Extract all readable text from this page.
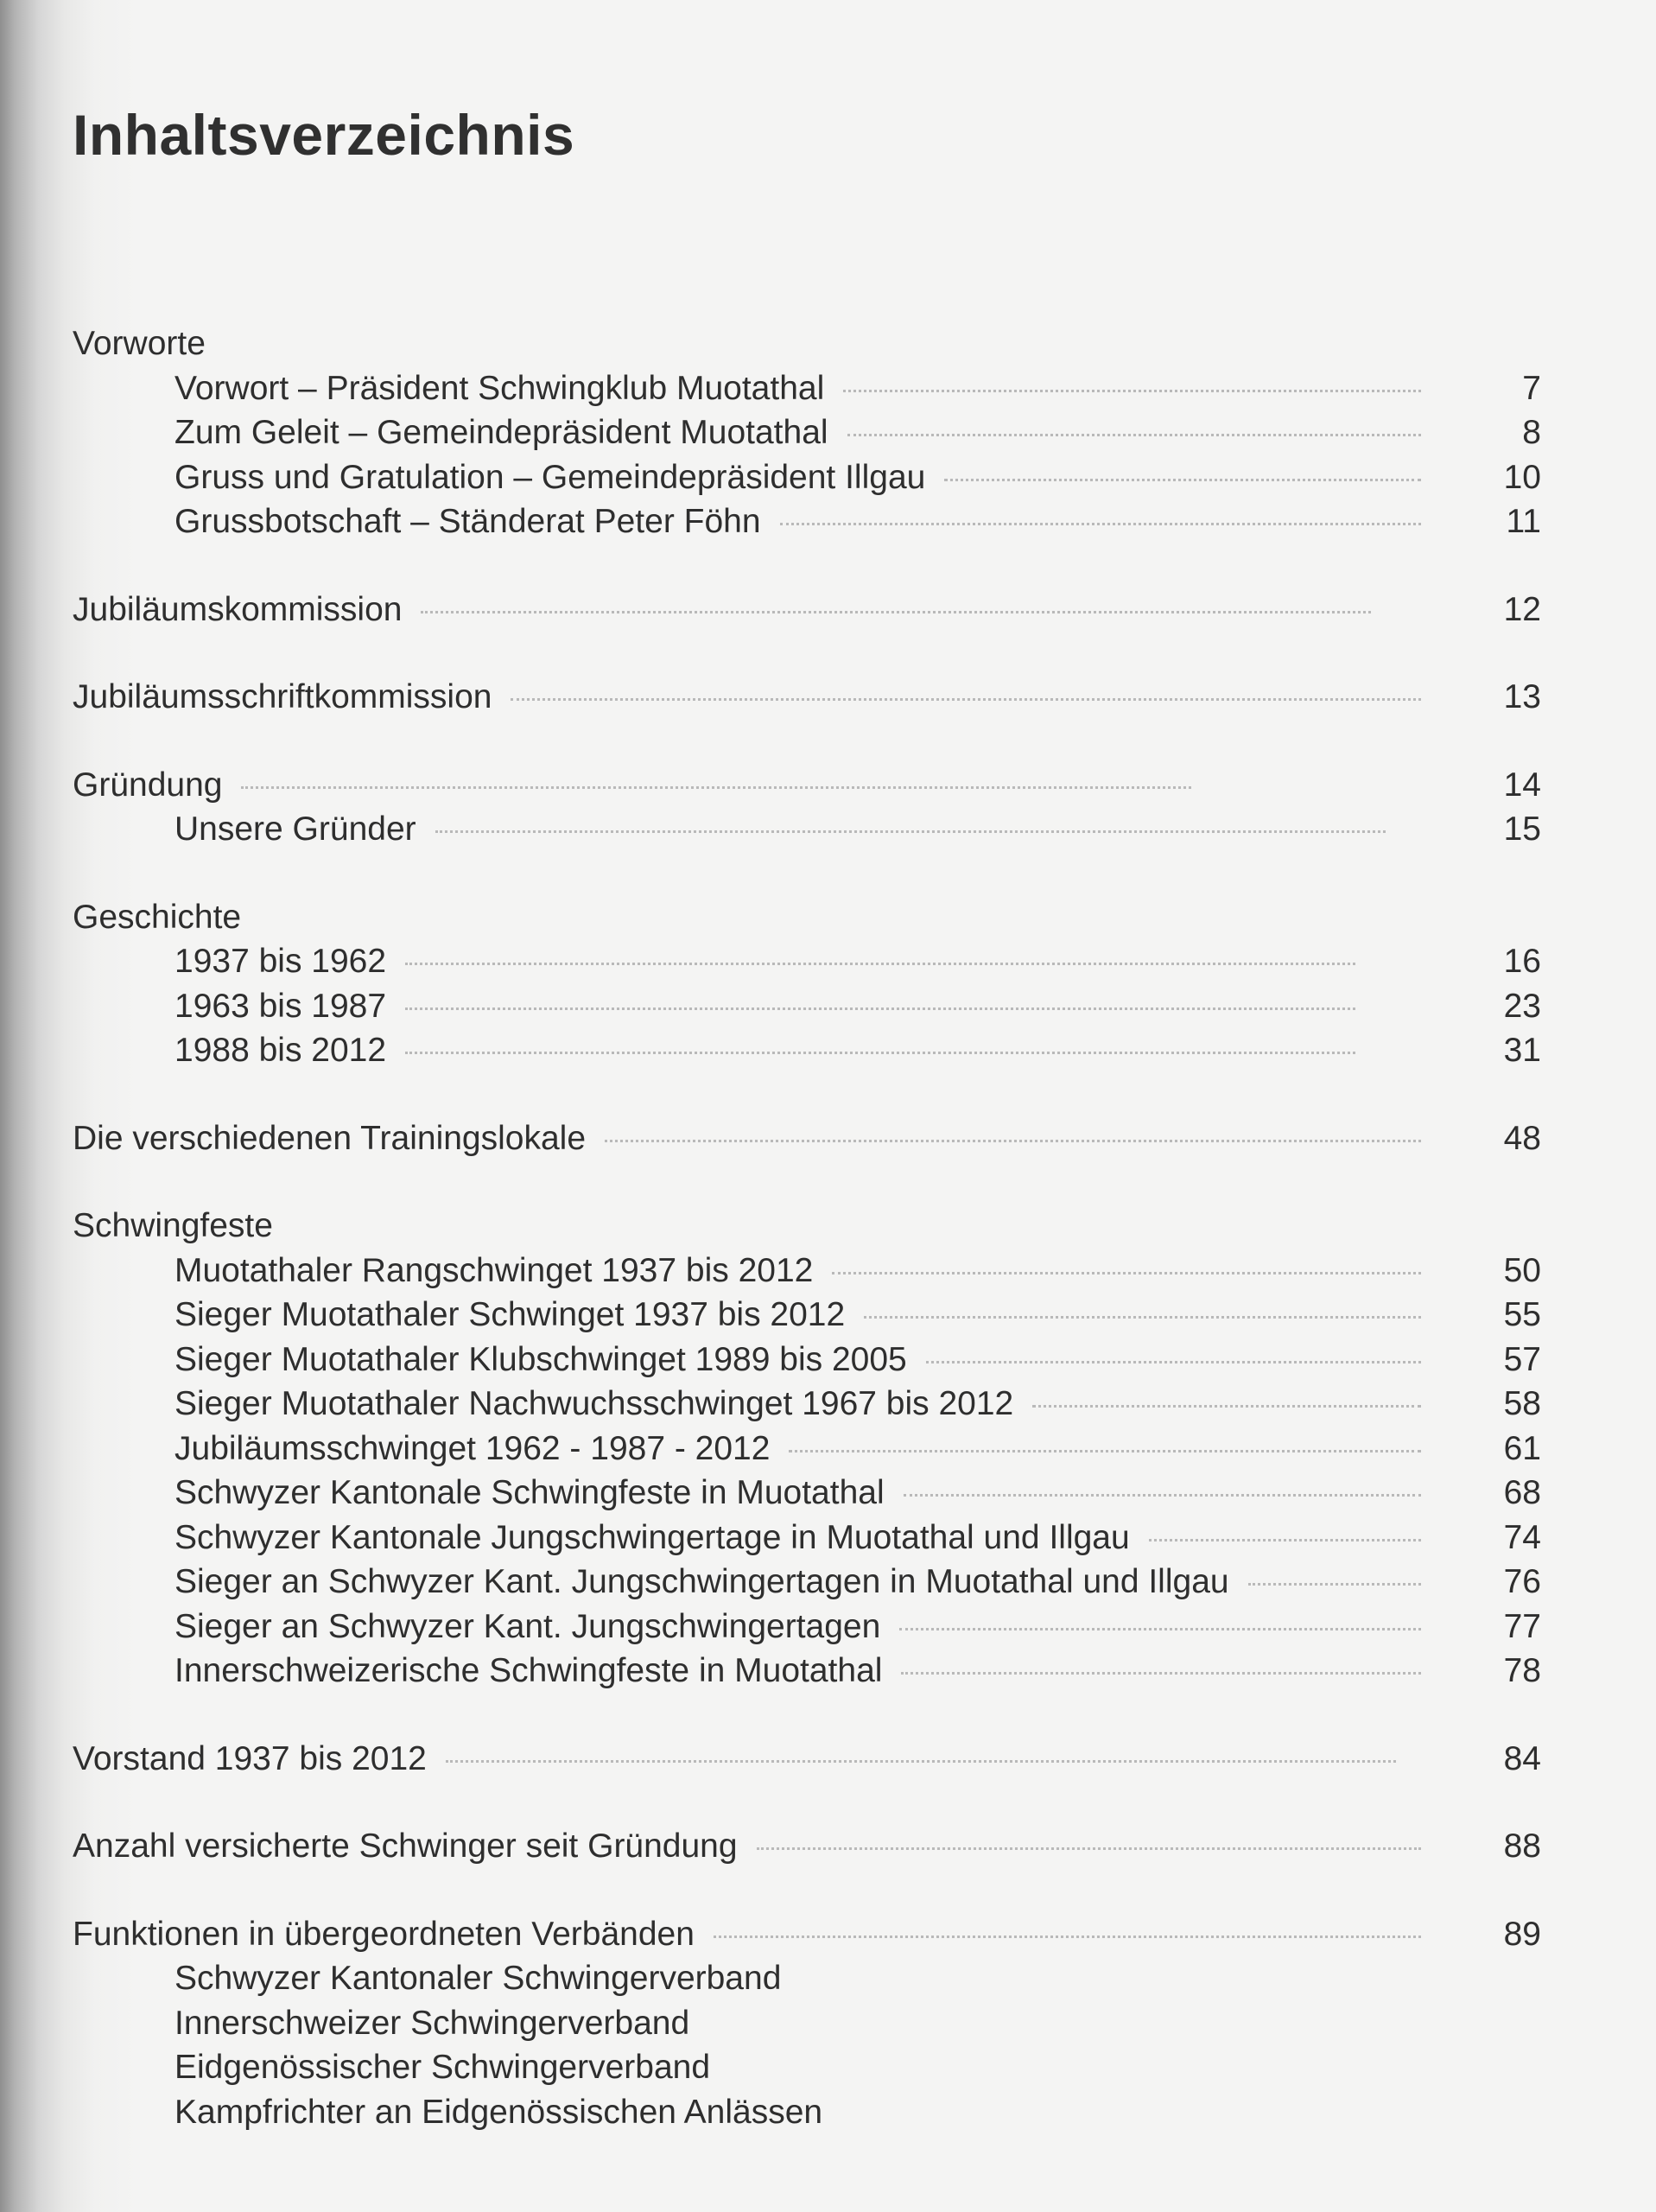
Inhaltsverzeichnis
Vorworte
Vorwort – Präsident Schwingklub Muotathal	7
Zum Geleit – Gemeindepräsident Muotathal	8
Gruss und Gratulation – Gemeindepräsident Illgau	10
Grussbotschaft – Ständerat Peter Föhn	11
Jubiläumskommission	12
Jubiläumsschriftkommission	13
Gründung	14
Unsere Gründer	15
Geschichte
1937 bis 1962	16
1963 bis 1987	23
1988 bis 2012	31
Die verschiedenen Trainingslokale	48
Schwingfeste
Muotathaler Rangschwinget 1937 bis 2012	50
Sieger Muotathaler Schwinget 1937 bis 2012	55
Sieger Muotathaler Klubschwinget 1989 bis 2005	57
Sieger Muotathaler Nachwuchsschwinget 1967 bis 2012	58
Jubiläumsschwinget 1962 - 1987 - 2012	61
Schwyzer Kantonale Schwingfeste in Muotathal	68
Schwyzer Kantonale Jungschwingertage in Muotathal und Illgau	74
Sieger an Schwyzer Kant. Jungschwingertagen in Muotathal und Illgau	76
Sieger an Schwyzer Kant. Jungschwingertagen	77
Innerschweizerische Schwingfeste in Muotathal	78
Vorstand 1937 bis 2012	84
Anzahl versicherte Schwinger seit Gründung	88
Funktionen in übergeordneten Verbänden	89
Schwyzer Kantonaler Schwingerverband
Innerschweizer Schwingerverband
Eidgenössischer Schwingerverband
Kampfrichter an Eidgenössischen Anlässen
